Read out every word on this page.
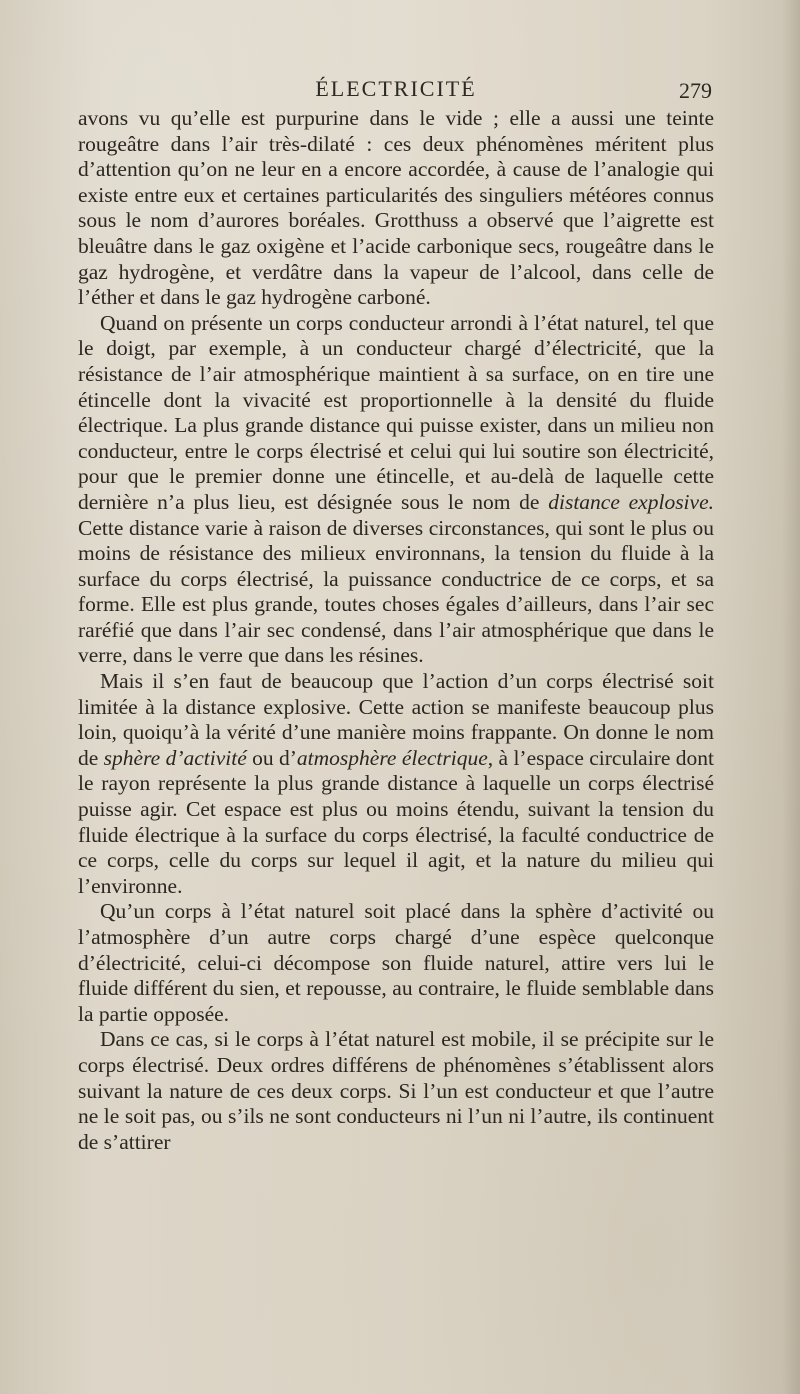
ÉLECTRICITÉ	279

avons vu qu’elle est purpurine dans le vide ; elle a aussi une teinte rougeâtre dans l’air très-dilaté : ces deux phénomènes méritent plus d’attention qu’on ne leur en a encore accordée, à cause de l’analogie qui existe entre eux et certaines particularités des singuliers météores connus sous le nom d’aurores boréales. Grotthuss a observé que l’aigrette est bleuâtre dans le gaz oxigène et l’acide carbonique secs, rougeâtre dans le gaz hydrogène, et verdâtre dans la vapeur de l’alcool, dans celle de l’éther et dans le gaz hydrogène carboné.

Quand on présente un corps conducteur arrondi à l’état naturel, tel que le doigt, par exemple, à un conducteur chargé d’électricité, que la résistance de l’air atmosphérique maintient à sa surface, on en tire une étincelle dont la vivacité est proportionnelle à la densité du fluide électrique. La plus grande distance qui puisse exister, dans un milieu non conducteur, entre le corps électrisé et celui qui lui soutire son électricité, pour que le premier donne une étincelle, et au-delà de laquelle cette dernière n’a plus lieu, est désignée sous le nom de distance explosive. Cette distance varie à raison de diverses circonstances, qui sont le plus ou moins de résistance des milieux environnans, la tension du fluide à la surface du corps électrisé, la puissance conductrice de ce corps, et sa forme. Elle est plus grande, toutes choses égales d’ailleurs, dans l’air sec raréfié que dans l’air sec condensé, dans l’air atmosphérique que dans le verre, dans le verre que dans les résines.

Mais il s’en faut de beaucoup que l’action d’un corps électrisé soit limitée à la distance explosive. Cette action se manifeste beaucoup plus loin, quoiqu’à la vérité d’une manière moins frappante. On donne le nom de sphère d’activité ou d’atmosphère électrique, à l’espace circulaire dont le rayon représente la plus grande distance à laquelle un corps électrisé puisse agir. Cet espace est plus ou moins étendu, suivant la tension du fluide électrique à la surface du corps électrisé, la faculté conductrice de ce corps, celle du corps sur lequel il agit, et la nature du milieu qui l’environne.

Qu’un corps à l’état naturel soit placé dans la sphère d’activité ou l’atmosphère d’un autre corps chargé d’une espèce quelconque d’électricité, celui-ci décompose son fluide naturel, attire vers lui le fluide différent du sien, et repousse, au contraire, le fluide semblable dans la partie opposée.

Dans ce cas, si le corps à l’état naturel est mobile, il se précipite sur le corps électrisé. Deux ordres différens de phénomènes s’établissent alors suivant la nature de ces deux corps. Si l’un est conducteur et que l’autre ne le soit pas, ou s’ils ne sont conducteurs ni l’un ni l’autre, ils continuent de s’attirer
